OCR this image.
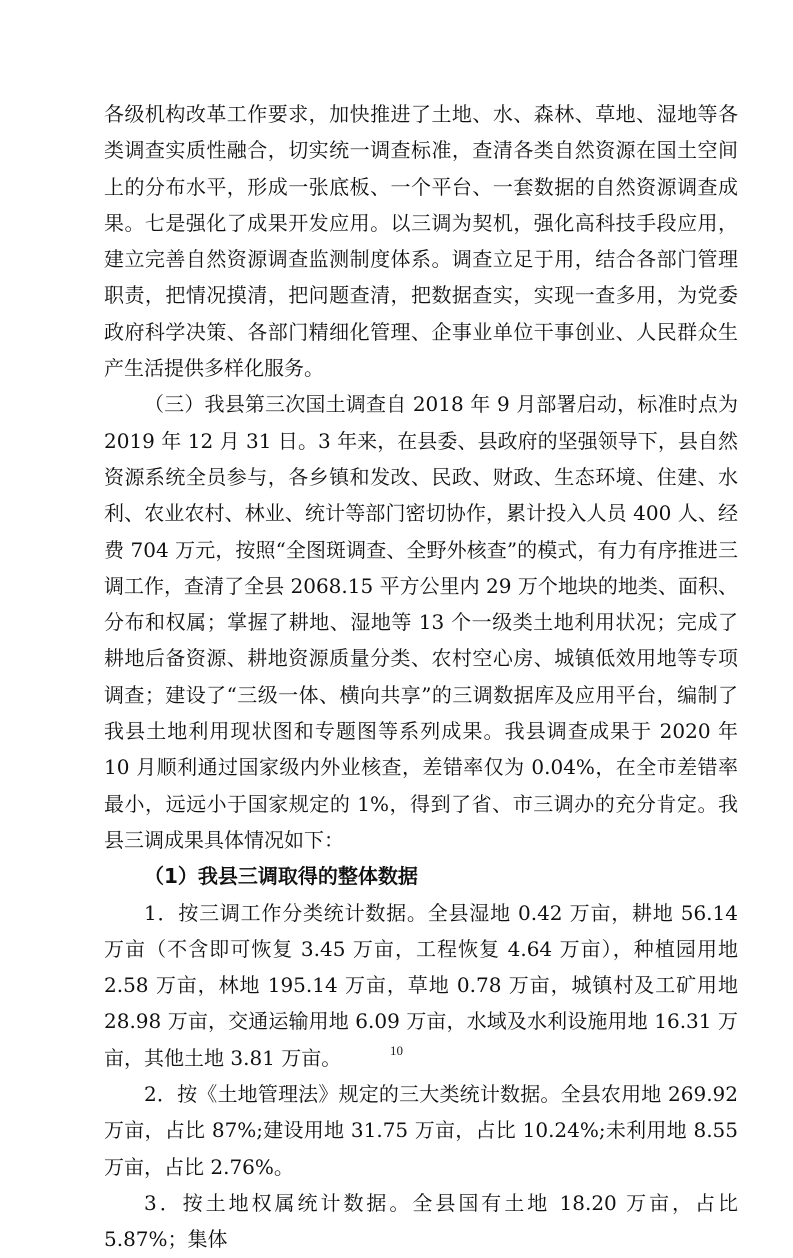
各级机构改革工作要求，加快推进了土地、水、森林、草地、湿地等各类调查实质性融合，切实统一调查标准，查清各类自然资源在国土空间上的分布水平，形成一张底板、一个平台、一套数据的自然资源调查成果。七是强化了成果开发应用。以三调为契机，强化高科技手段应用，建立完善自然资源调查监测制度体系。调查立足于用，结合各部门管理职责，把情况摸清，把问题查清，把数据查实，实现一查多用，为党委政府科学决策、各部门精细化管理、企事业单位干事创业、人民群众生产生活提供多样化服务。

（三）我县第三次国土调查自 2018 年 9 月部署启动，标准时点为 2019 年 12 月 31 日。3 年来，在县委、县政府的坚强领导下，县自然资源系统全员参与，各乡镇和发改、民政、财政、生态环境、住建、水利、农业农村、林业、统计等部门密切协作，累计投入人员 400 人、经费 704 万元，按照“全图斑调查、全野外核查”的模式，有力有序推进三调工作，查清了全县 2068.15 平方公里内 29 万个地块的地类、面积、分布和权属；掌握了耕地、湿地等 13 个一级类土地利用状况；完成了耕地后备资源、耕地资源质量分类、农村空心房、城镇低效用地等专项调查；建设了“三级一体、横向共享”的三调数据库及应用平台，编制了我县土地利用现状图和专题图等系列成果。我县调查成果于 2020 年 10 月顺利通过国家级内外业核查，差错率仅为 0.04%，在全市差错率最小，远远小于国家规定的 1%，得到了省、市三调办的充分肯定。我县三调成果具体情况如下：

（1）我县三调取得的整体数据

1．按三调工作分类统计数据。全县湿地 0.42 万亩，耕地 56.14 万亩（不含即可恢复 3.45 万亩，工程恢复 4.64 万亩），种植园用地 2.58 万亩，林地 195.14 万亩，草地 0.78 万亩，城镇村及工矿用地 28.98 万亩，交通运输用地 6.09 万亩，水域及水利设施用地 16.31 万亩，其他土地 3.81 万亩。

2．按《土地管理法》规定的三大类统计数据。全县农用地 269.92 万亩，占比 87%;建设用地 31.75 万亩，占比 10.24%;未利用地 8.55 万亩，占比 2.76%。

3．按土地权属统计数据。全县国有土地 18.20 万亩，占比 5.87%；集体

10
